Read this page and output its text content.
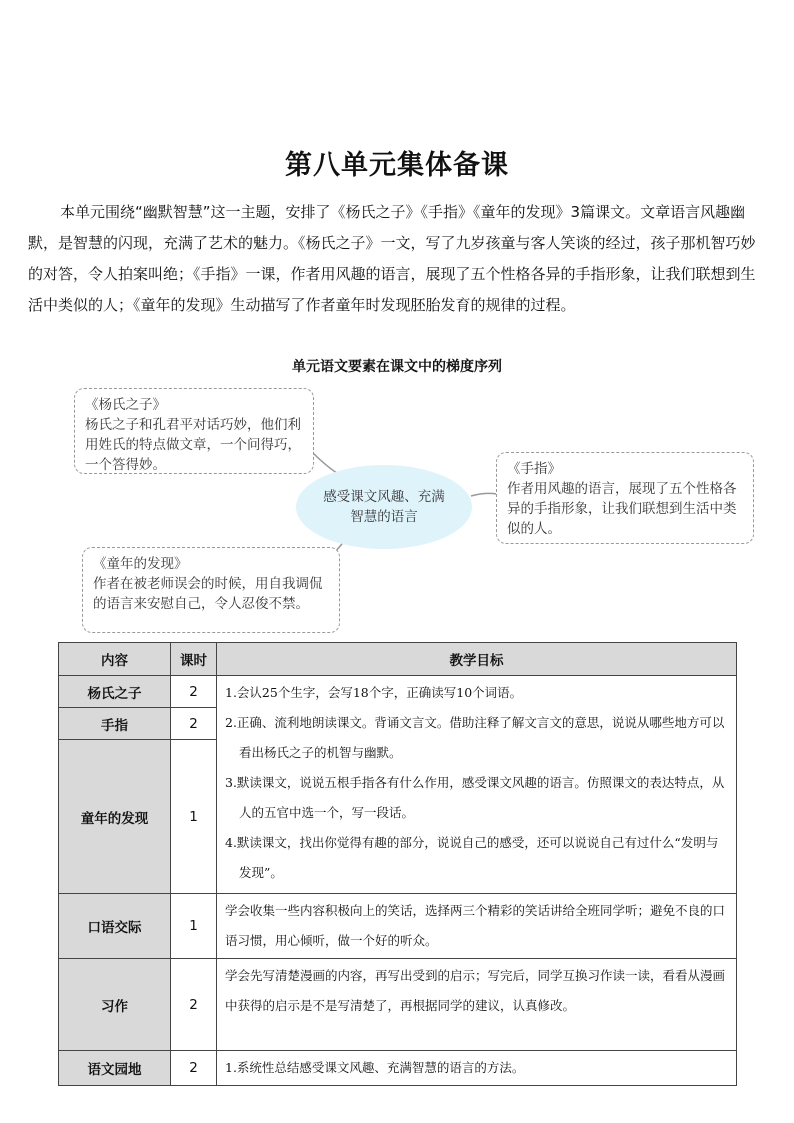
第八单元集体备课

本单元围绕“幽默智慧”这一主题，安排了《杨氏之子》《手指》《童年的发现》3篇课文。文章语言风趣幽默，是智慧的闪现，充满了艺术的魅力。《杨氏之子》一文，写了九岁孩童与客人笑谈的经过，孩子那机智巧妙的对答，令人拍案叫绝；《手指》一课，作者用风趣的语言，展现了五个性格各异的手指形象，让我们联想到生活中类似的人；《童年的发现》生动描写了作者童年时发现胚胎发育的规律的过程。

单元语文要素在课文中的梯度序列
《杨氏之子》
杨氏之子和孔君平对话巧妙，他们利用姓氏的特点做文章，一个问得巧，一个答得妙。
感受课文风趣、充满智慧的语言
《手指》
作者用风趣的语言，展现了五个性格各异的手指形象，让我们联想到生活中类似的人。
《童年的发现》
作者在被老师误会的时候，用自我调侃的语言来安慰自己，令人忍俊不禁。
内容	课时	教学目标
杨氏之子	2	1.会认25个生字，会写18个字，正确读写10个词语。
2.正确、流利地朗读课文。背诵文言文。借助注释了解文言文的意思，说说从哪些地方可以看出杨氏之子的机智与幽默。
3.默读课文，说说五根手指各有什么作用，感受课文风趣的语言。仿照课文的表达特点，从人的五官中选一个，写一段话。
4.默读课文，找出你觉得有趣的部分，说说自己的感受，还可以说说自己有过什么“发明与发现”。

手指	2	
童年的发现	1	
口语交际	1	学会收集一些内容积极向上的笑话，选择两三个精彩的笑话讲给全班同学听；避免不良的口语习惯，用心倾听，做一个好的听众。
习作	2	学会先写清楚漫画的内容，再写出受到的启示；写完后，同学互换习作读一读，看看从漫画中获得的启示是不是写清楚了，再根据同学的建议，认真修改。
语文园地	2	1.系统性总结感受课文风趣、充满智慧的语言的方法。
